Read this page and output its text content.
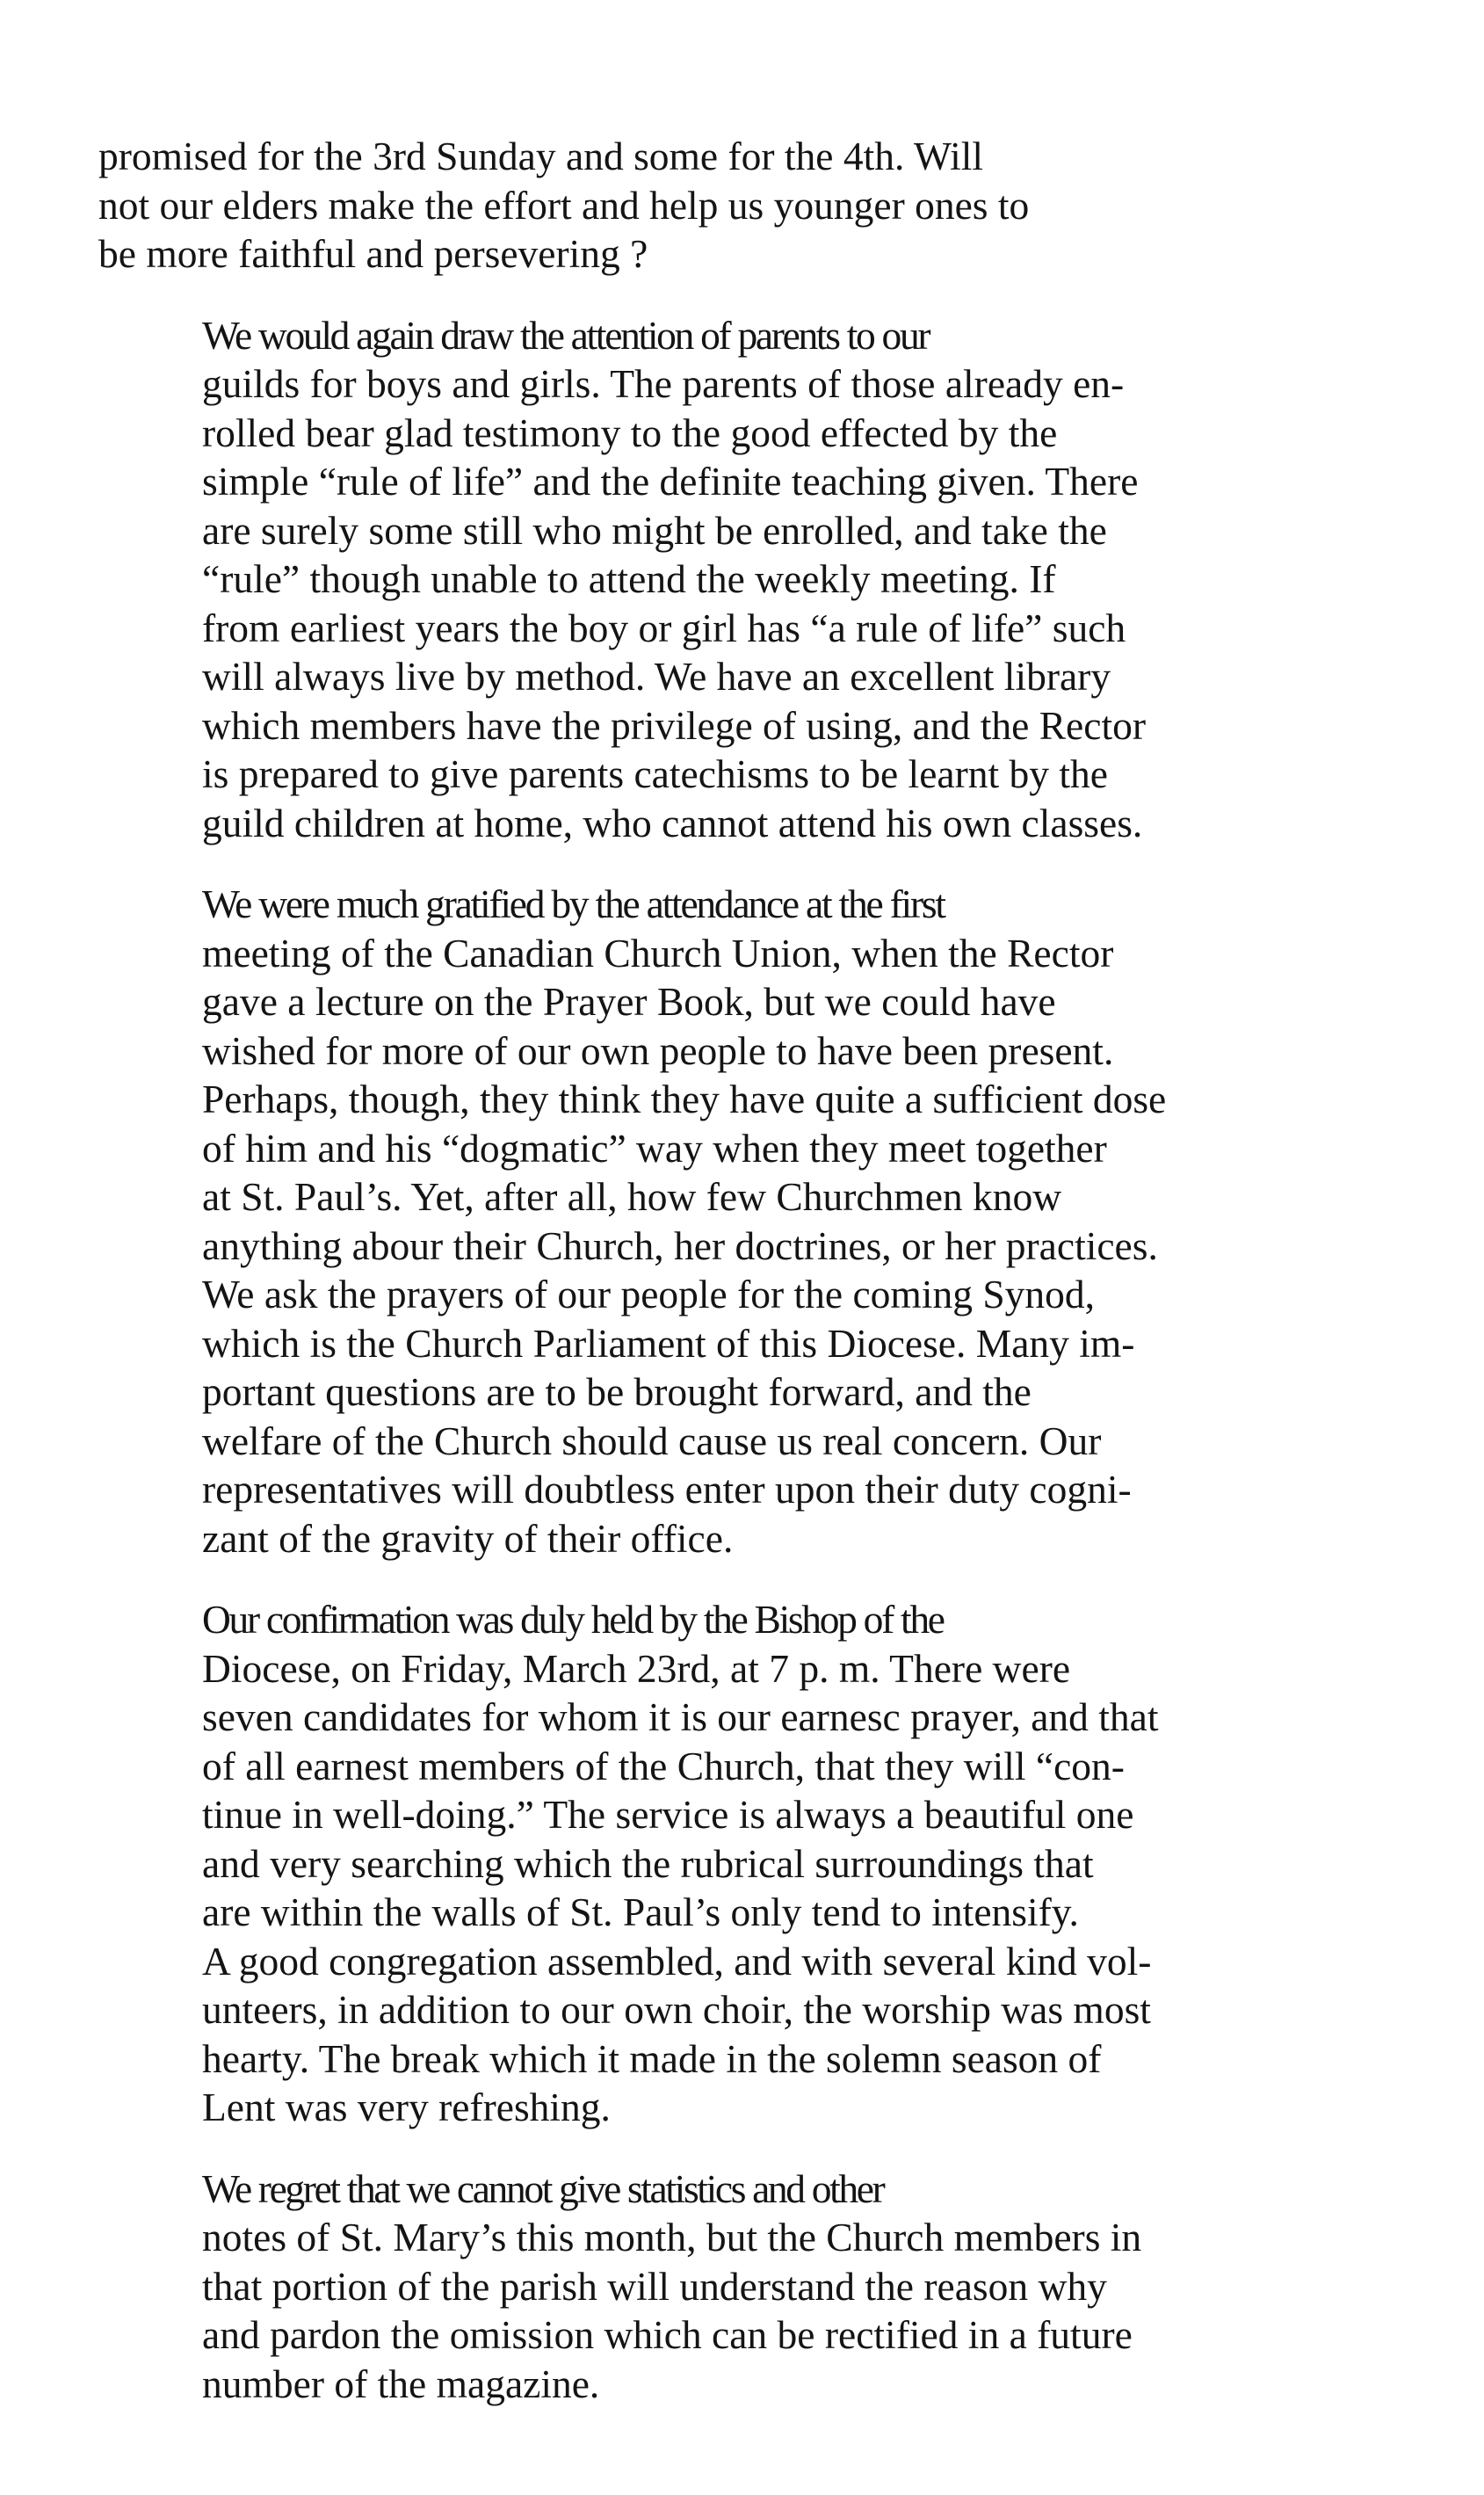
promised for the 3rd Sunday and some for the 4th. Will
not our elders make the effort and help us younger ones to
be more faithful and persevering ?
We would again draw the attention of parents to our
guilds for boys and girls. The parents of those already en-
rolled bear glad testimony to the good effected by the
simple “rule of life” and the definite teaching given. There
are surely some still who might be enrolled, and take the
“rule” though unable to attend the weekly meeting. If
from earliest years the boy or girl has “a rule of life” such
will always live by method. We have an excellent library
which members have the privilege of using, and the Rector
is prepared to give parents catechisms to be learnt by the
guild children at home, who cannot attend his own classes.
We were much gratified by the attendance at the first
meeting of the Canadian Church Union, when the Rector
gave a lecture on the Prayer Book, but we could have
wished for more of our own people to have been present.
Perhaps, though, they think they have quite a sufficient dose
of him and his “dogmatic” way when they meet together
at St. Paul’s. Yet, after all, how few Churchmen know
anything abour their Church, her doctrines, or her practices.
We ask the prayers of our people for the coming Synod,
which is the Church Parliament of this Diocese. Many im-
portant questions are to be brought forward, and the
welfare of the Church should cause us real concern. Our
representatives will doubtless enter upon their duty cogni-
zant of the gravity of their office.
Our confirmation was duly held by the Bishop of the
Diocese, on Friday, March 23rd, at 7 p. m. There were
seven candidates for whom it is our earnesc prayer, and that
of all earnest members of the Church, that they will “con-
tinue in well-doing.” The service is always a beautiful one
and very searching which the rubrical surroundings that
are within the walls of St. Paul’s only tend to intensify.
A good congregation assembled, and with several kind vol-
unteers, in addition to our own choir, the worship was most
hearty. The break which it made in the solemn season of
Lent was very refreshing.
We regret that we cannot give statistics and other
notes of St. Mary’s this month, but the Church members in
that portion of the parish will understand the reason why
and pardon the omission which can be rectified in a future
number of the magazine.
